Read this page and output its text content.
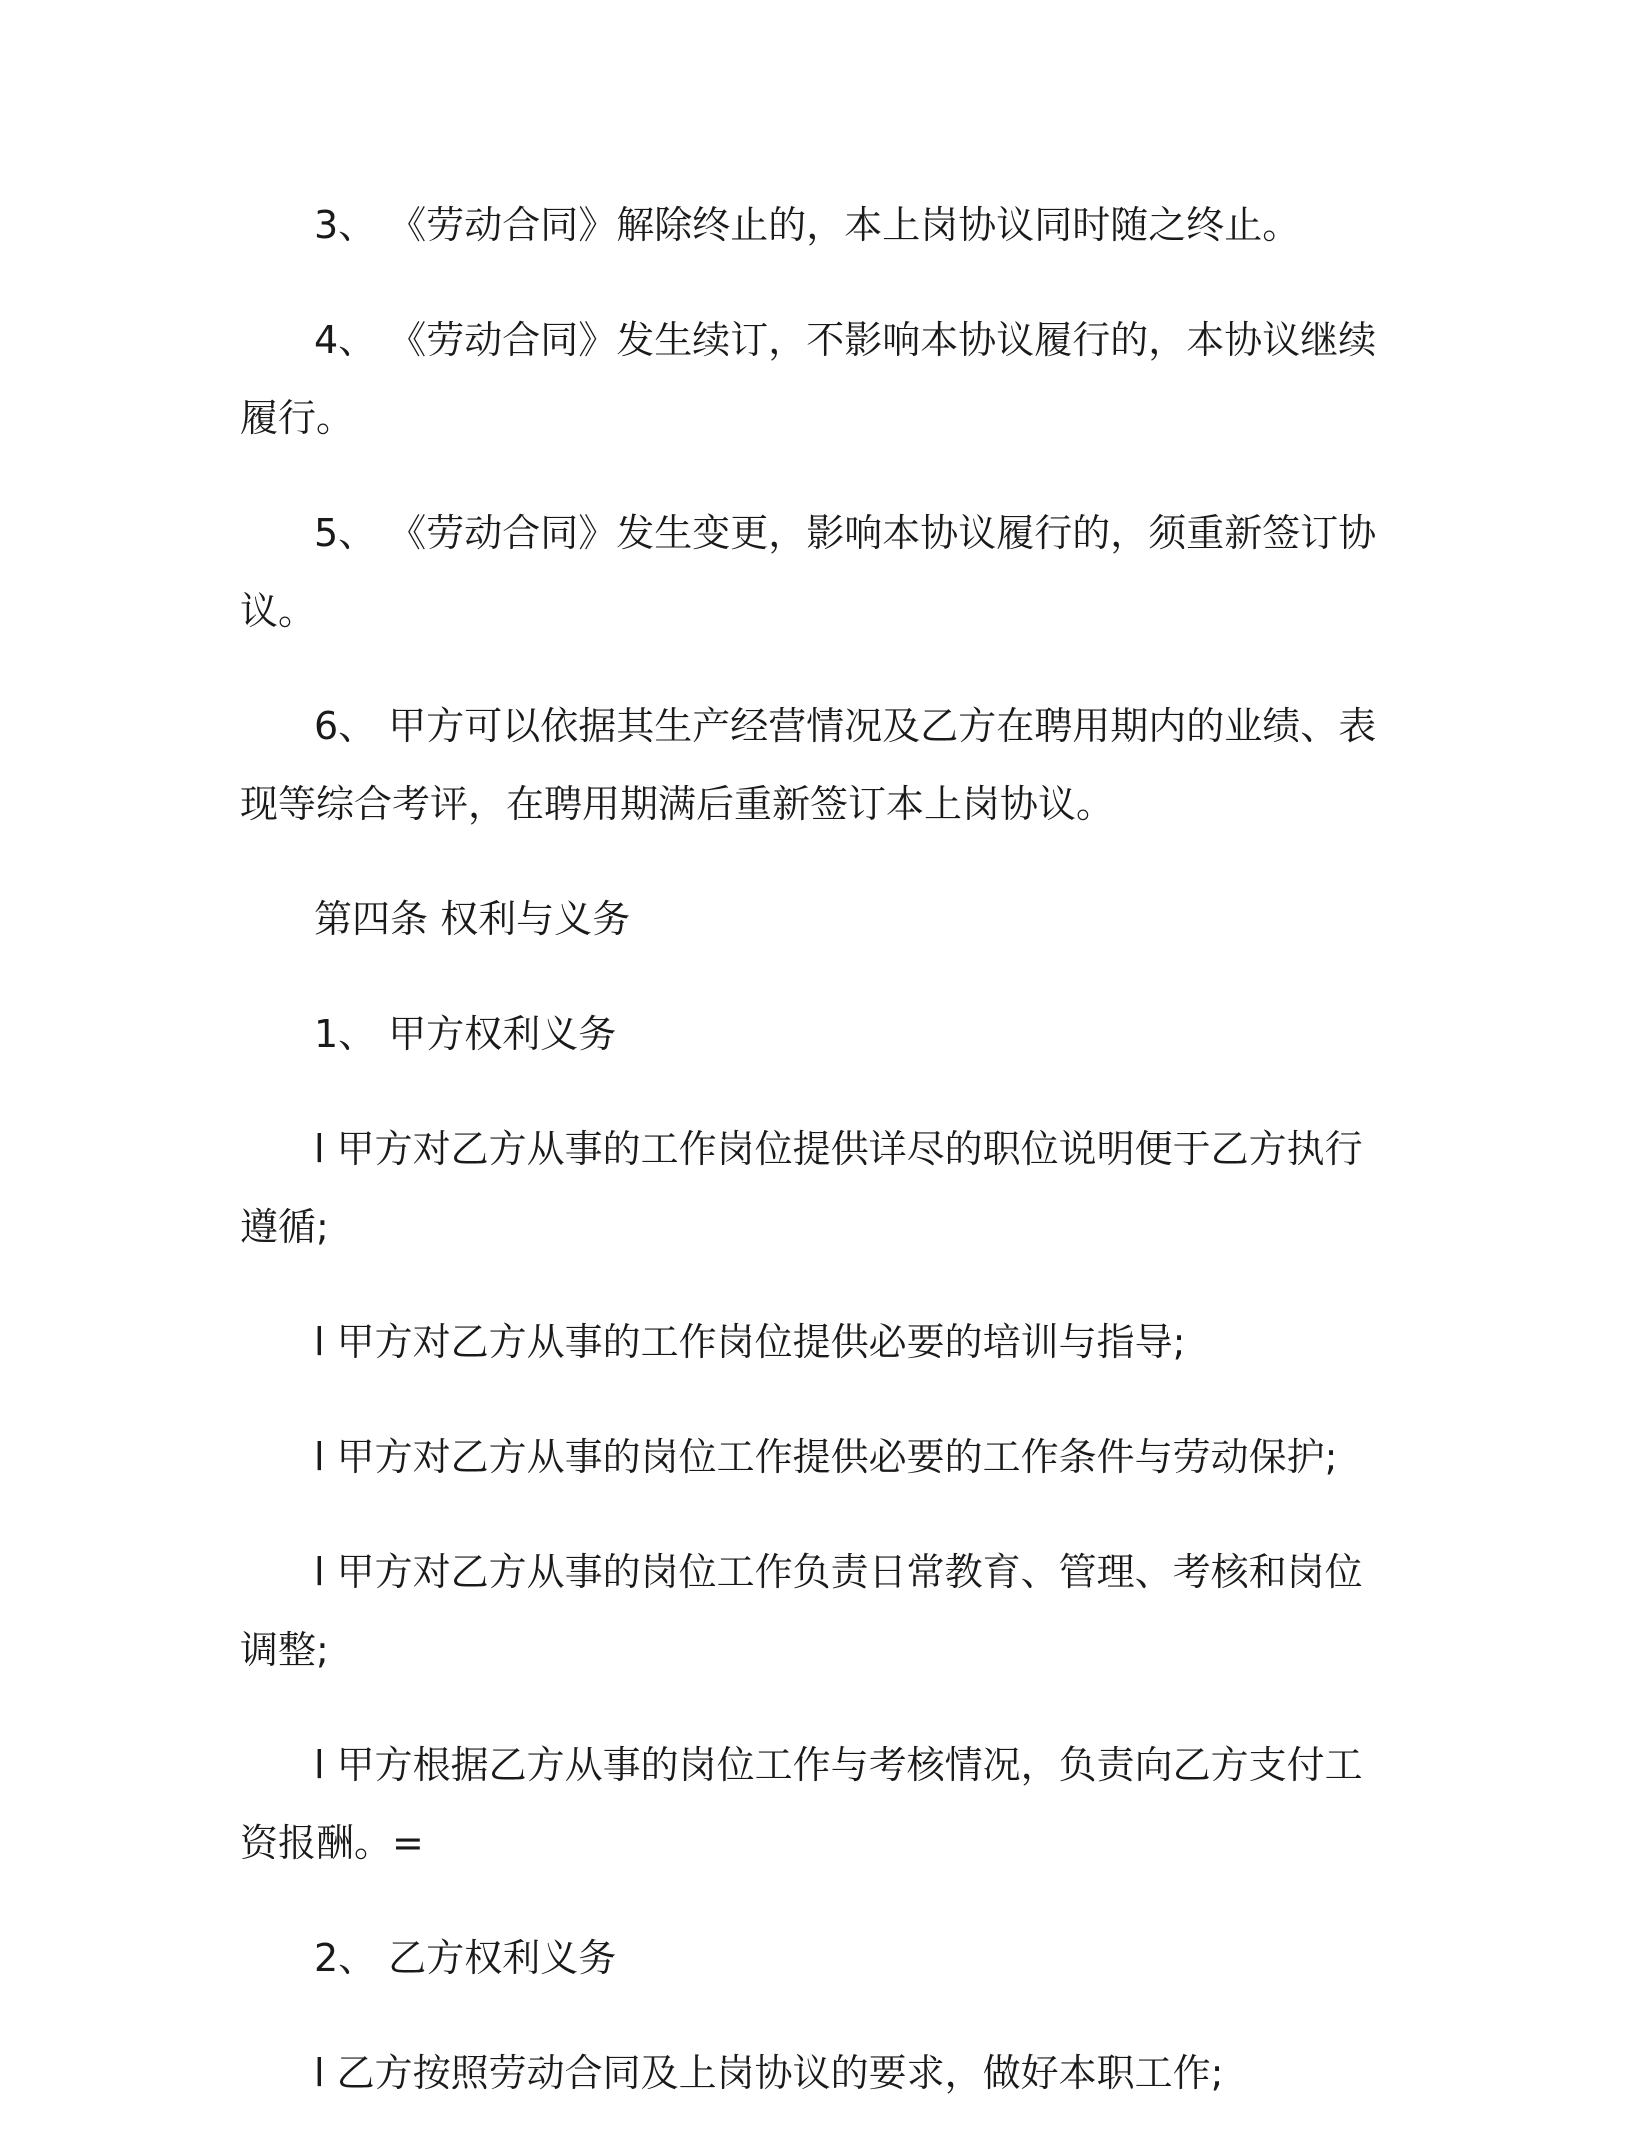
3、 《劳动合同》解除终止的，本上岗协议同时随之终止。

4、 《劳动合同》发生续订，不影响本协议履行的，本协议继续履行。

5、 《劳动合同》发生变更，影响本协议履行的，须重新签订协议。

6、 甲方可以依据其生产经营情况及乙方在聘用期内的业绩、表现等综合考评，在聘用期满后重新签订本上岗协议。

第四条 权利与义务

1、 甲方权利义务

l 甲方对乙方从事的工作岗位提供详尽的职位说明便于乙方执行遵循;

l 甲方对乙方从事的工作岗位提供必要的培训与指导;

l 甲方对乙方从事的岗位工作提供必要的工作条件与劳动保护;

l 甲方对乙方从事的岗位工作负责日常教育、管理、考核和岗位调整;

l 甲方根据乙方从事的岗位工作与考核情况，负责向乙方支付工资报酬。=

2、 乙方权利义务

l 乙方按照劳动合同及上岗协议的要求，做好本职工作;
